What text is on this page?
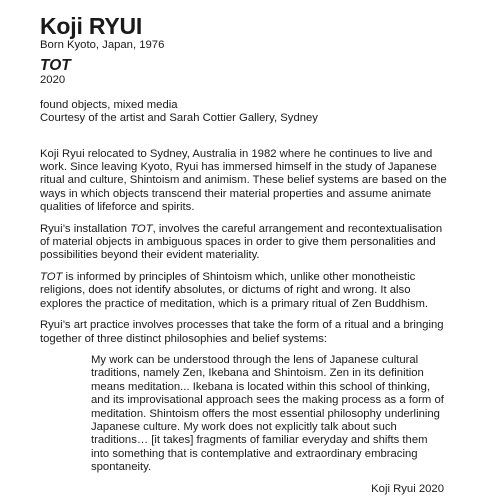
Koji RYUI

Born Kyoto, Japan, 1976

TOT

2020

found objects, mixed media

Courtesy of the artist and Sarah Cottier Gallery, Sydney

Koji Ryui relocated to Sydney, Australia in 1982 where he continues to live and work. Since leaving Kyoto, Ryui has immersed himself in the study of Japanese ritual and culture, Shintoism and animism. These belief systems are based on the ways in which objects transcend their material properties and assume animate qualities of lifeforce and spirits.

Ryui’s installation TOT, involves the careful arrangement and recontextualisation of material objects in ambiguous spaces in order to give them personalities and possibilities beyond their evident materiality.

TOT is informed by principles of Shintoism which, unlike other monotheistic religions, does not identify absolutes, or dictums of right and wrong. It also explores the practice of meditation, which is a primary ritual of Zen Buddhism.

Ryui’s art practice involves processes that take the form of a ritual and a bringing together of three distinct philosophies and belief systems:

My work can be understood through the lens of Japanese cultural traditions, namely Zen, Ikebana and Shintoism. Zen in its definition means meditation... Ikebana is located within this school of thinking, and its improvisational approach sees the making process as a form of meditation. Shintoism offers the most essential philosophy underlining Japanese culture. My work does not explicitly talk about such traditions… [it takes] fragments of familiar everyday and shifts them into something that is contemplative and extraordinary embracing spontaneity.

Koji Ryui 2020
